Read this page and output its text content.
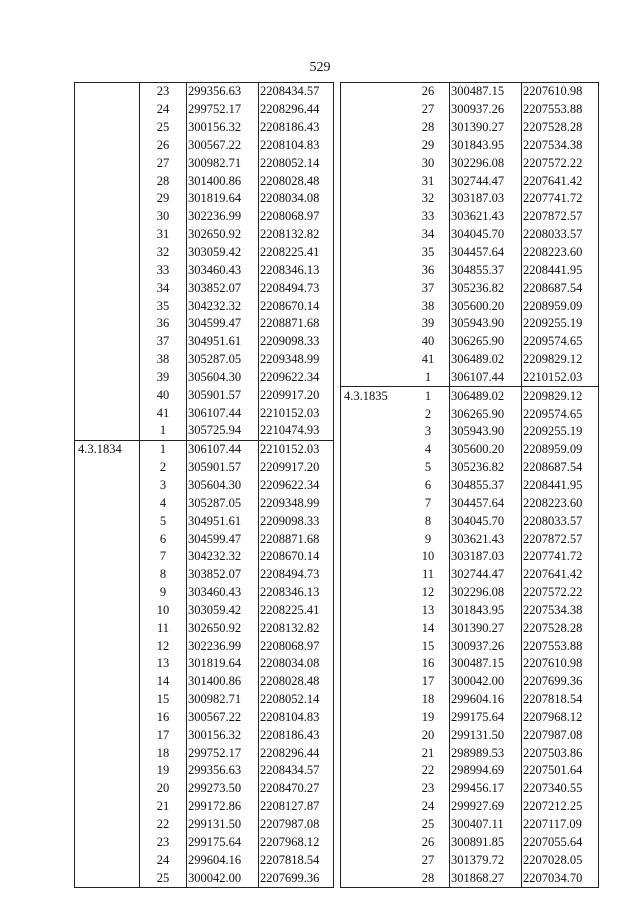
529
	23	299356.63	2208434.57
	24	299752.17	2208296.44
	25	300156.32	2208186.43
	26	300567.22	2208104.83
	27	300982.71	2208052.14
	28	301400.86	2208028.48
	29	301819.64	2208034.08
	30	302236.99	2208068.97
	31	302650.92	2208132.82
	32	303059.42	2208225.41
	33	303460.43	2208346.13
	34	303852.07	2208494.73
	35	304232.32	2208670.14
	36	304599.47	2208871.68
	37	304951.61	2209098.33
	38	305287.05	2209348.99
	39	305604.30	2209622.34
	40	305901.57	2209917.20
	41	306107.44	2210152.03
	1	305725.94	2210474.93
4.3.1834	1	306107.44	2210152.03
	2	305901.57	2209917.20
	3	305604.30	2209622.34
	4	305287.05	2209348.99
	5	304951.61	2209098.33
	6	304599.47	2208871.68
	7	304232.32	2208670.14
	8	303852.07	2208494.73
	9	303460.43	2208346.13
	10	303059.42	2208225.41
	11	302650.92	2208132.82
	12	302236.99	2208068.97
	13	301819.64	2208034.08
	14	301400.86	2208028.48
	15	300982.71	2208052.14
	16	300567.22	2208104.83
	17	300156.32	2208186.43
	18	299752.17	2208296.44
	19	299356.63	2208434.57
	20	299273.50	2208470.27
	21	299172.86	2208127.87
	22	299131.50	2207987.08
	23	299175.64	2207968.12
	24	299604.16	2207818.54
	25	300042.00	2207699.36
	26	300487.15	2207610.98
	27	300937.26	2207553.88
	28	301390.27	2207528.28
	29	301843.95	2207534.38
	30	302296.08	2207572.22
	31	302744.47	2207641.42
	32	303187.03	2207741.72
	33	303621.43	2207872.57
	34	304045.70	2208033.57
	35	304457.64	2208223.60
	36	304855.37	2208441.95
	37	305236.82	2208687.54
	38	305600.20	2208959.09
	39	305943.90	2209255.19
	40	306265.90	2209574.65
	41	306489.02	2209829.12
	1	306107.44	2210152.03
4.3.1835	1	306489.02	2209829.12
	2	306265.90	2209574.65
	3	305943.90	2209255.19
	4	305600.20	2208959.09
	5	305236.82	2208687.54
	6	304855.37	2208441.95
	7	304457.64	2208223.60
	8	304045.70	2208033.57
	9	303621.43	2207872.57
	10	303187.03	2207741.72
	11	302744.47	2207641.42
	12	302296.08	2207572.22
	13	301843.95	2207534.38
	14	301390.27	2207528.28
	15	300937.26	2207553.88
	16	300487.15	2207610.98
	17	300042.00	2207699.36
	18	299604.16	2207818.54
	19	299175.64	2207968.12
	20	299131.50	2207987.08
	21	298989.53	2207503.86
	22	298994.69	2207501.64
	23	299456.17	2207340.55
	24	299927.69	2207212.25
	25	300407.11	2207117.09
	26	300891.85	2207055.64
	27	301379.72	2207028.05
	28	301868.27	2207034.70
